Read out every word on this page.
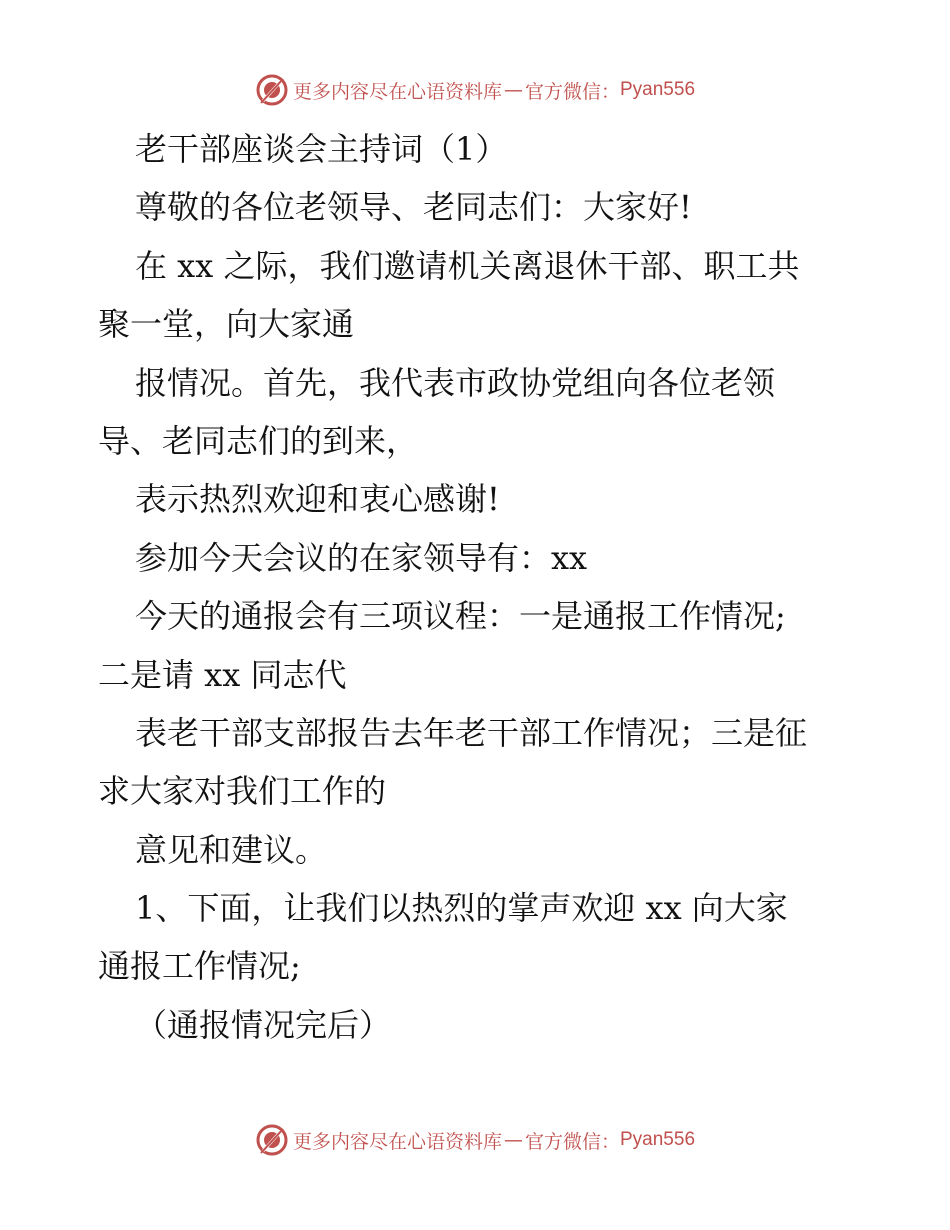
更多内容尽在心语资料库 — 官方微信： Pyan556
老干部座谈会主持词（1）
尊敬的各位老领导、老同志们：大家好!
在 xx 之际，我们邀请机关离退休干部、职工共
聚一堂，向大家通
报情况。首先，我代表市政协党组向各位老领
导、老同志们的到来，
表示热烈欢迎和衷心感谢!
参加今天会议的在家领导有：xx
今天的通报会有三项议程：一是通报工作情况;
二是请 xx 同志代
表老干部支部报告去年老干部工作情况；三是征
求大家对我们工作的
意见和建议。
1、下面，让我们以热烈的掌声欢迎 xx 向大家
通报工作情况;
（通报情况完后）
更多内容尽在心语资料库 — 官方微信： Pyan556
